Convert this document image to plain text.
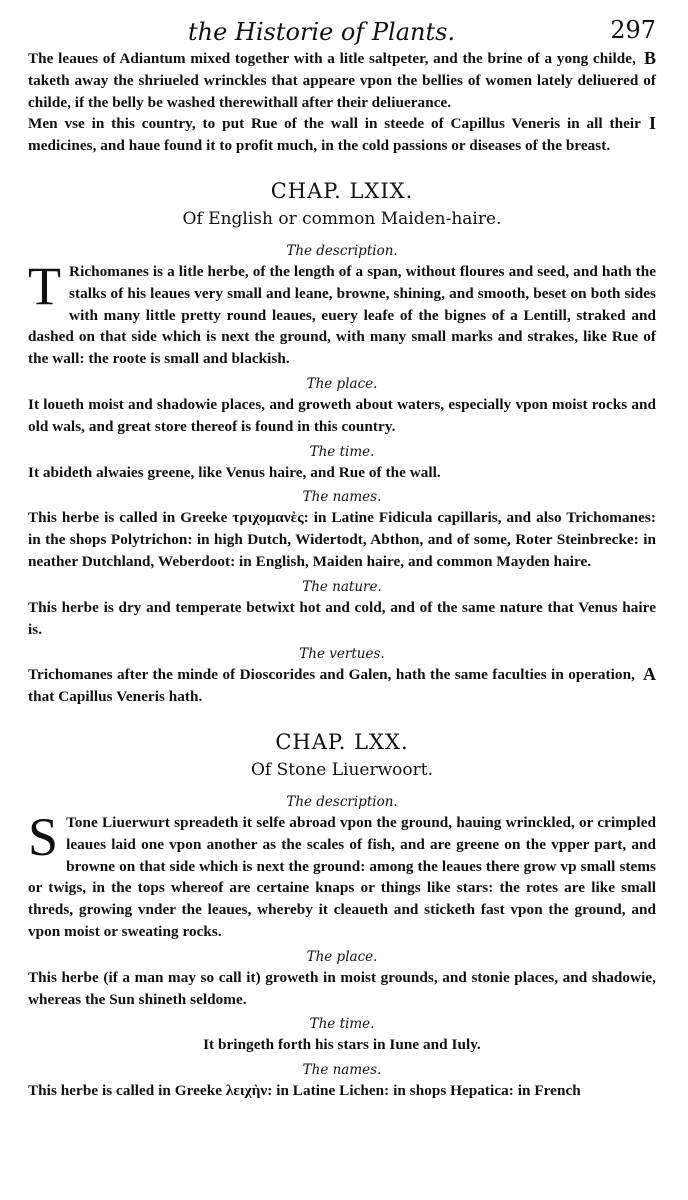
the Historie of Plants.	297

B
The leaues of Adiantum mixed together with a litle saltpeter, and the brine of a yong childe, taketh away the shriueled wrinckles that appeare vpon the bellies of women lately deliuered of childe, if the belly be washed therewithall after their deliuerance.

I
Men vse in this country, to put Rue of the wall in steede of Capillus Veneris in all their medicines, and haue found it to profit much, in the cold passions or diseases of the breast.

CHAP. LXIX.
Of English or common Maiden-haire.
The description.

T Richomanes is a litle herbe, of the length of a span, without floures and seed, and hath the stalks of his leaues very small and leane, browne, shining, and smooth, beset on both sides with many little pretty round leaues, euery leafe of the bignes of a Lentill, straked and dashed on that side which is next the ground, with many small marks and strakes, like Rue of the wall: the roote is small and blackish.

The place.

It loueth moist and shadowie places, and groweth about waters, especially vpon moist rocks and old wals, and great store thereof is found in this country.

The time.

It abideth alwaies greene, like Venus haire, and Rue of the wall.

The names.

This herbe is called in Greeke τριχομανὲς: in Latine Fidicula capillaris, and also Trichomanes: in the shops Polytrichon: in high Dutch, Widertodt, Abthon, and of some, Roter Steinbrecke: in neather Dutchland, Weberdoot: in English, Maiden haire, and common Mayden haire.

The nature.

This herbe is dry and temperate betwixt hot and cold, and of the same nature that Venus haire is.

The vertues.

A
Trichomanes after the minde of Dioscorides and Galen, hath the same faculties in operation, that Capillus Veneris hath.

CHAP. LXX.
Of Stone Liuerwoort.
The description.

S Tone Liuerwurt spreadeth it selfe abroad vpon the ground, hauing wrinckled, or crimpled leaues laid one vpon another as the scales of fish, and are greene on the vpper part, and browne on that side which is next the ground: among the leaues there grow vp small stems or twigs, in the tops whereof are certaine knaps or things like stars: the rotes are like small threds, growing vnder the leaues, whereby it cleaueth and sticketh fast vpon the ground, and vpon moist or sweating rocks.

The place.

This herbe (if a man may so call it) groweth in moist grounds, and stonie places, and shadowie, whereas the Sun shineth seldome.

The time.

It bringeth forth his stars in Iune and Iuly.

The names.

This herbe is called in Greeke λειχὴν: in Latine Lichen: in shops Hepatica: in French
